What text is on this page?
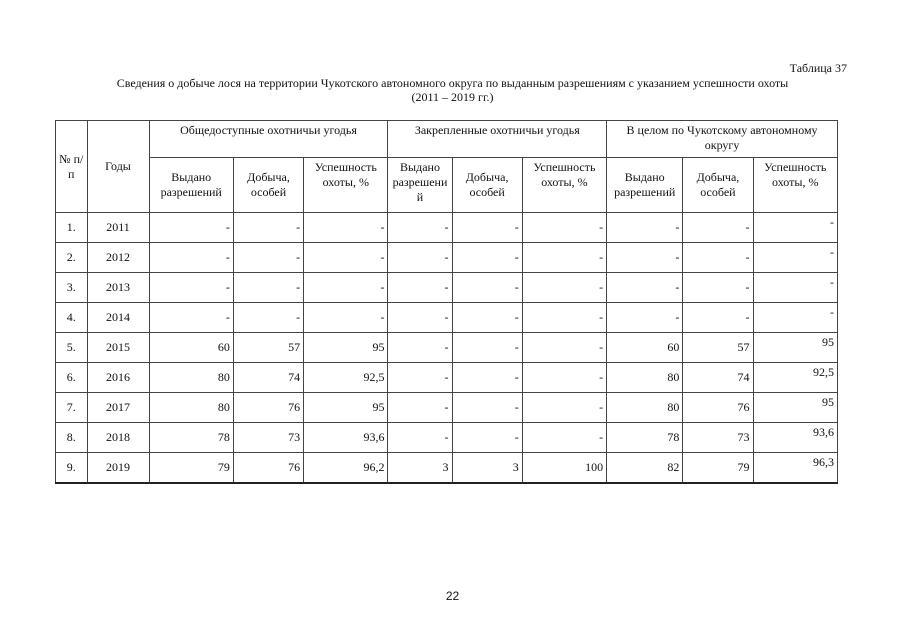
Таблица 37
Сведения о добыче лося на территории Чукотского автономного округа по выданным разрешениям с указанием успешности охоты
(2011 – 2019 гг.)
№ п/п	Годы	Общедоступные охотничьи угодья			Закрепленные охотничьи угодья			В целом по Чукотскому автономному округу		
		Выдано разрешений	Добыча, особей	Успешность охоты, %	Выдано разрешени й	Добыча, особей	Успешность охоты, %	Выдано разрешений	Добыча, особей	Успешность охоты, %
1.	2011	-	-	-	-	-	-	-	-	-
2.	2012	-	-	-	-	-	-	-	-	-
3.	2013	-	-	-	-	-	-	-	-	-
4.	2014	-	-	-	-	-	-	-	-	-
5.	2015	60	57	95	-	-	-	60	57	95
6.	2016	80	74	92,5	-	-	-	80	74	92,5
7.	2017	80	76	95	-	-	-	80	76	95
8.	2018	78	73	93,6	-	-	-	78	73	93,6
9.	2019	79	76	96,2	3	3	100	82	79	96,3
22
